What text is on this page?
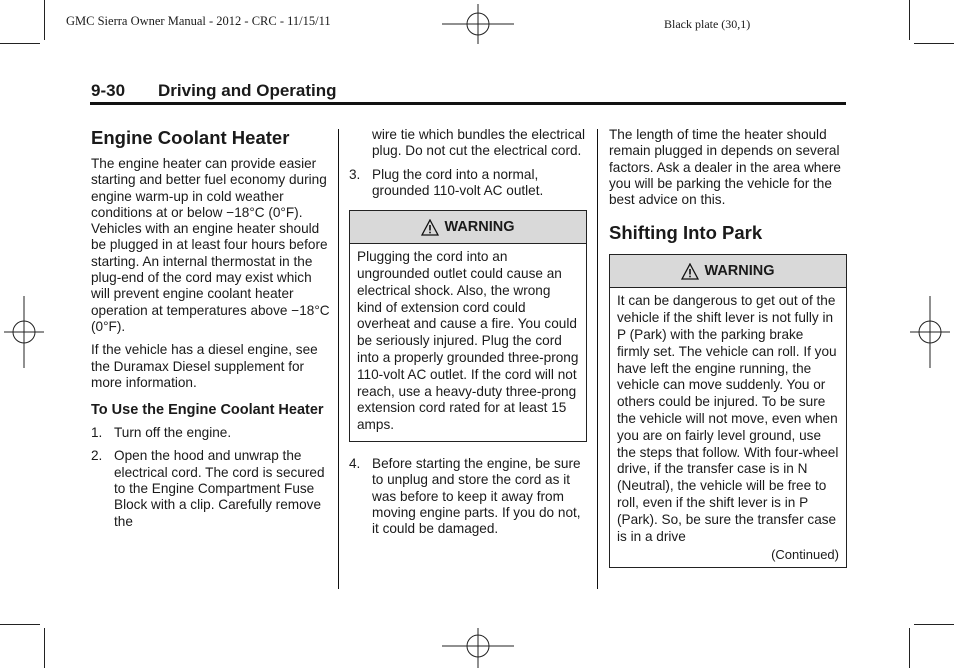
GMC Sierra Owner Manual - 2012 - CRC - 11/15/11	Black plate (30,1)
9-30 Driving and Operating
Engine Coolant Heater

The engine heater can provide easier starting and better fuel economy during engine warm-up in cold weather conditions at or below −18°C (0°F). Vehicles with an engine heater should be plugged in at least four hours before starting. An internal thermostat in the plug-end of the cord may exist which will prevent engine coolant heater operation at temperatures above −18°C (0°F).

If the vehicle has a diesel engine, see the Duramax Diesel supplement for more information.

To Use the Engine Coolant Heater
1. Turn off the engine.
2. Open the hood and unwrap the electrical cord. The cord is secured to the Engine Compartment Fuse Block with a clip. Carefully remove the
wire tie which bundles the electrical plug. Do not cut the electrical cord.
3. Plug the cord into a normal, grounded 110-volt AC outlet.
WARNING
Plugging the cord into an ungrounded outlet could cause an electrical shock. Also, the wrong kind of extension cord could overheat and cause a fire. You could be seriously injured. Plug the cord into a properly grounded three-prong 110-volt AC outlet. If the cord will not reach, use a heavy-duty three-prong extension cord rated for at least 15 amps.
4. Before starting the engine, be sure to unplug and store the cord as it was before to keep it away from moving engine parts. If you do not, it could be damaged.

The length of time the heater should remain plugged in depends on several factors. Ask a dealer in the area where you will be parking the vehicle for the best advice on this.

Shifting Into Park
WARNING
It can be dangerous to get out of the vehicle if the shift lever is not fully in P (Park) with the parking brake firmly set. The vehicle can roll. If you have left the engine running, the vehicle can move suddenly. You or others could be injured. To be sure the vehicle will not move, even when you are on fairly level ground, use the steps that follow. With four-wheel drive, if the transfer case is in N (Neutral), the vehicle will be free to roll, even if the shift lever is in P (Park). So, be sure the transfer case is in a drive
(Continued)
